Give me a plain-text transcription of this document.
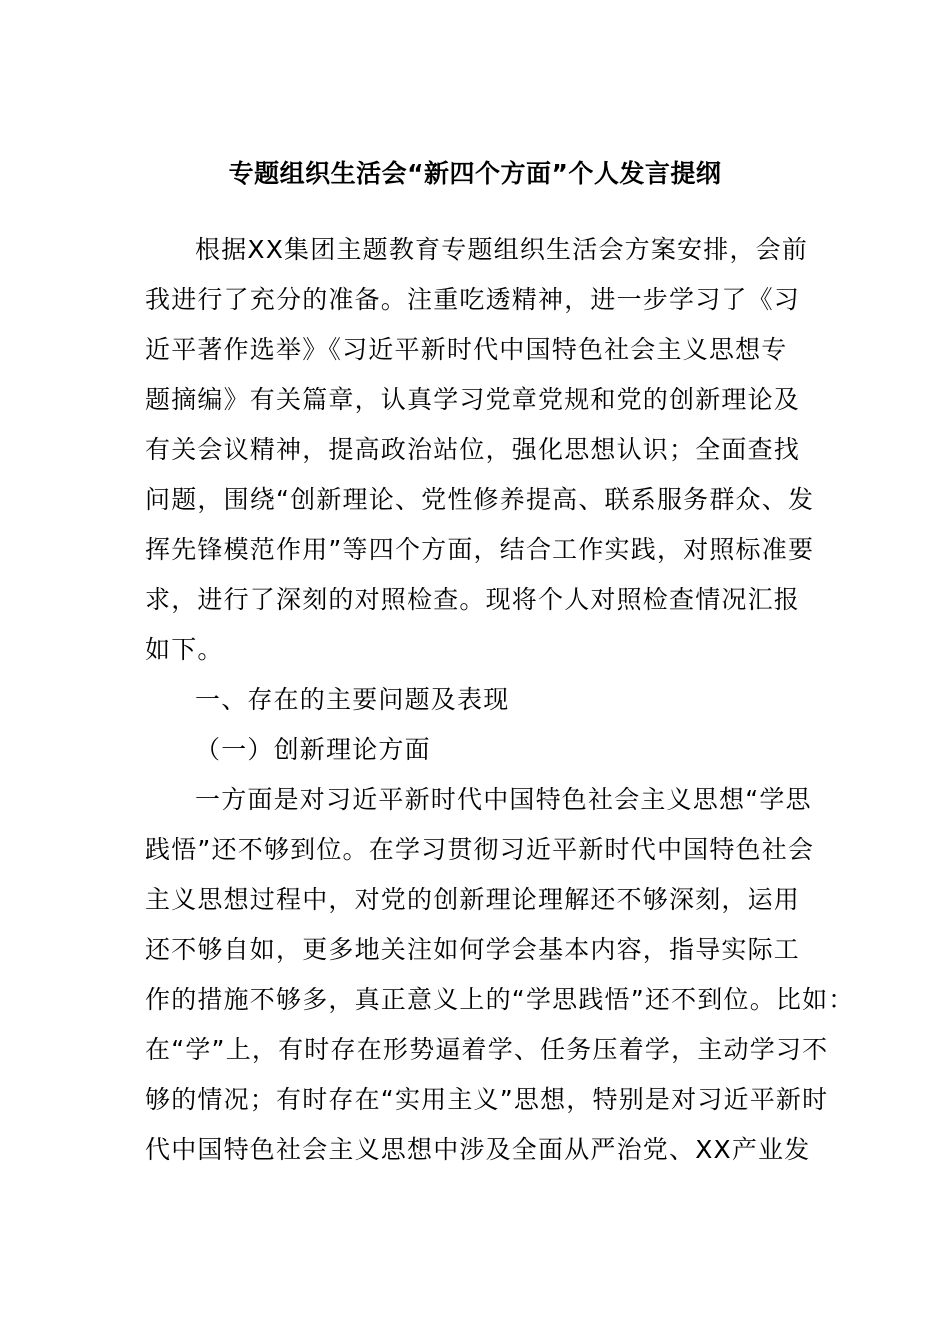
专题组织生活会“新四个方面”个人发言提纲
根据XX集团主题教育专题组织生活会方案安排，会前
我进行了充分的准备。注重吃透精神，进一步学习了《习
近平著作选举》《习近平新时代中国特色社会主义思想专
题摘编》有关篇章，认真学习党章党规和党的创新理论及
有关会议精神，提高政治站位，强化思想认识；全面查找
问题，围绕“创新理论、党性修养提高、联系服务群众、发
挥先锋模范作用”等四个方面，结合工作实践，对照标准要
求，进行了深刻的对照检查。现将个人对照检查情况汇报
如下。
一、存在的主要问题及表现
（一）创新理论方面
一方面是对习近平新时代中国特色社会主义思想“学思
践悟”还不够到位。在学习贯彻习近平新时代中国特色社会
主义思想过程中，对党的创新理论理解还不够深刻，运用
还不够自如，更多地关注如何学会基本内容，指导实际工
作的措施不够多，真正意义上的“学思践悟”还不到位。比如：
在“学”上，有时存在形势逼着学、任务压着学，主动学习不
够的情况；有时存在“实用主义”思想，特别是对习近平新时
代中国特色社会主义思想中涉及全面从严治党、XX产业发
